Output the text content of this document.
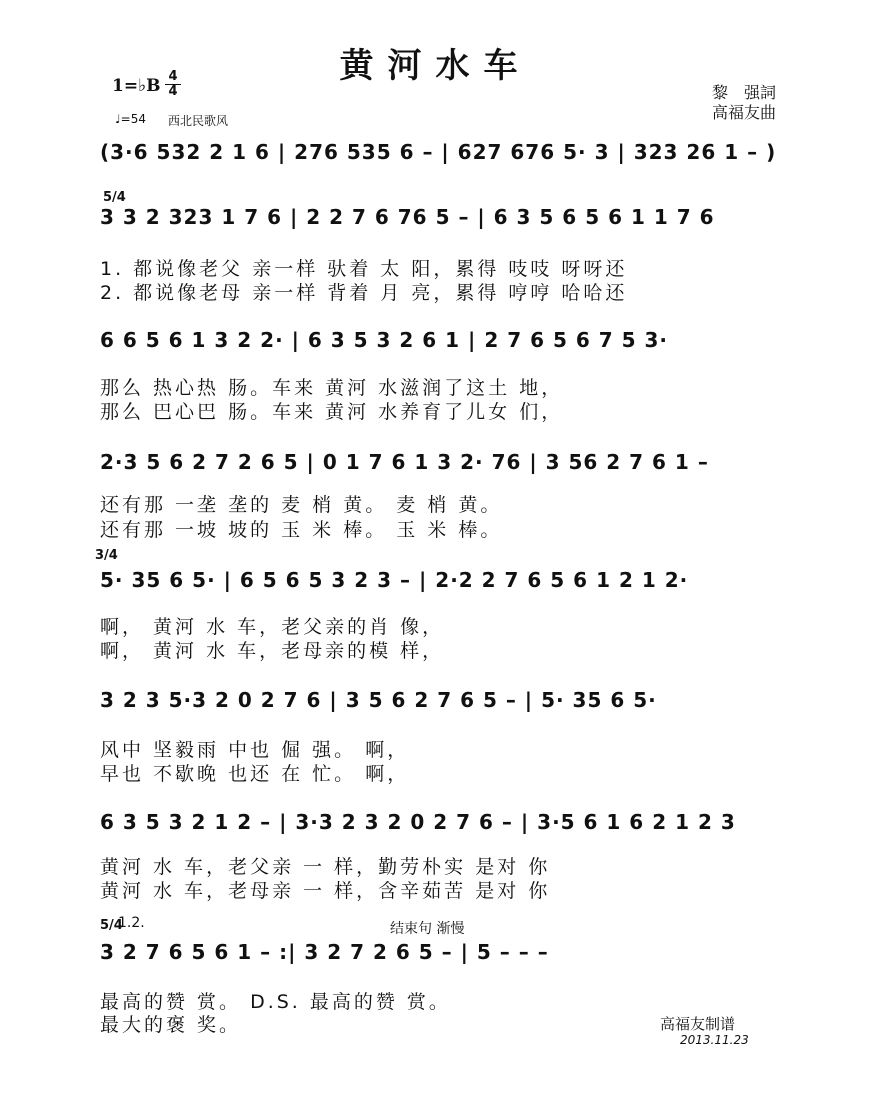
黄河水车
1=♭B 4
4
♩=54 西北民歌风
黎　强詞
高福友曲
(3·6 532 2 1 6 | 276 535 6 – | 627 676 5· 3 | 323 26 1 – )
5/4
3 3 2 323 1 7 6 | 2 2 7 6 76 5 – | 6 3 5 6 5 6 1 1 7 6
1. 都说像老父 亲一样 驮着 太 阳，累得 吱吱 呀呀还
2. 都说像老母 亲一样 背着 月 亮，累得 哼哼 哈哈还
6 6 5 6 1 3 2 2· | 6 3 5 3 2 6 1 | 2 7 6 5 6 7 5 3·
那么 热心热 肠。车来 黄河 水滋润了这土 地，
那么 巴心巴 肠。车来 黄河 水养育了儿女 们，
2·3 5 6 2 7 2 6 5 | 0 1 7 6 1 3 2· 76 | 3 56 2 7 6 1 –
还有那 一垄 垄的 麦 梢 黄。 麦 梢 黄。
还有那 一坡 坡的 玉 米 棒。 玉 米 棒。
3/4
5· 35 6 5· | 6 5 6 5 3 2 3 – | 2·2 2 7 6 5 6 1 2 1 2·
啊， 黄河 水 车，老父亲的肖 像，
啊， 黄河 水 车，老母亲的模 样，
3 2 3 5·3 2 0 2 7 6 | 3 5 6 2 7 6 5 – | 5· 35 6 5·
风中 坚毅雨 中也 倔 强。 啊，
早也 不歇晚 也还 在 忙。 啊，
6 3 5 3 2 1 2 – | 3·3 2 3 2 0 2 7 6 – | 3·5 6 1 6 2 1 2 3
黄河 水 车，老父亲 一 样，勤劳朴实 是对 你
黄河 水 车，老母亲 一 样，含辛茹苦 是对 你
5/4
1.2.	结束句 渐慢
3 2 7 6 5 6 1 – :| 3 2 7 2 6 5 – | 5 – – –
最高的赞 赏。 D.S. 最高的赞 赏。
最大的褒 奖。	高福友制谱
2013.11.23
